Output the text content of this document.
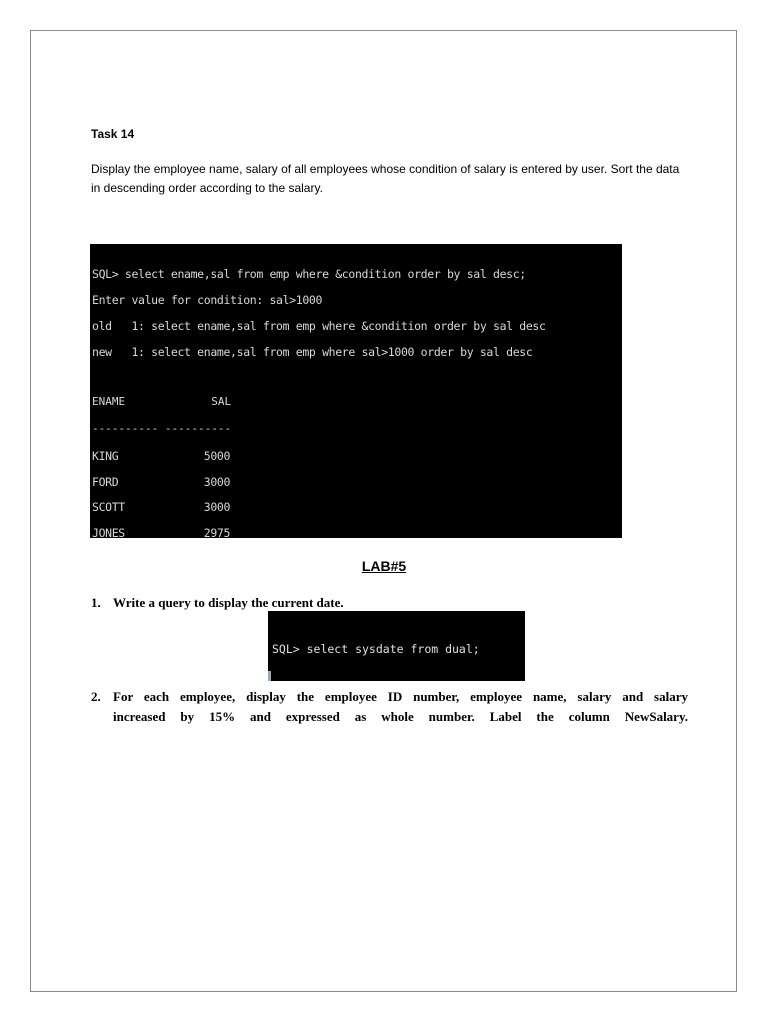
Task 14
Display the employee name, salary of all employees whose condition of salary is entered by user. Sort the data in descending order according to the salary.

SQL> select ename,sal from emp where &condition order by sal desc;

Enter value for condition: sal>1000

old   1: select ename,sal from emp where &condition order by sal desc

new   1: select ename,sal from emp where sal>1000 order by sal desc

ENAME             SAL

---------- ----------

KING             5000

FORD             3000

SCOTT            3000

JONES            2975

LAB#5
1. Write a query to display the current date.

SQL> select sysdate from dual;

2. For each employee, display the employee ID number, employee name, salary and salary
increased by 15% and expressed as whole number. Label the column NewSalary.
